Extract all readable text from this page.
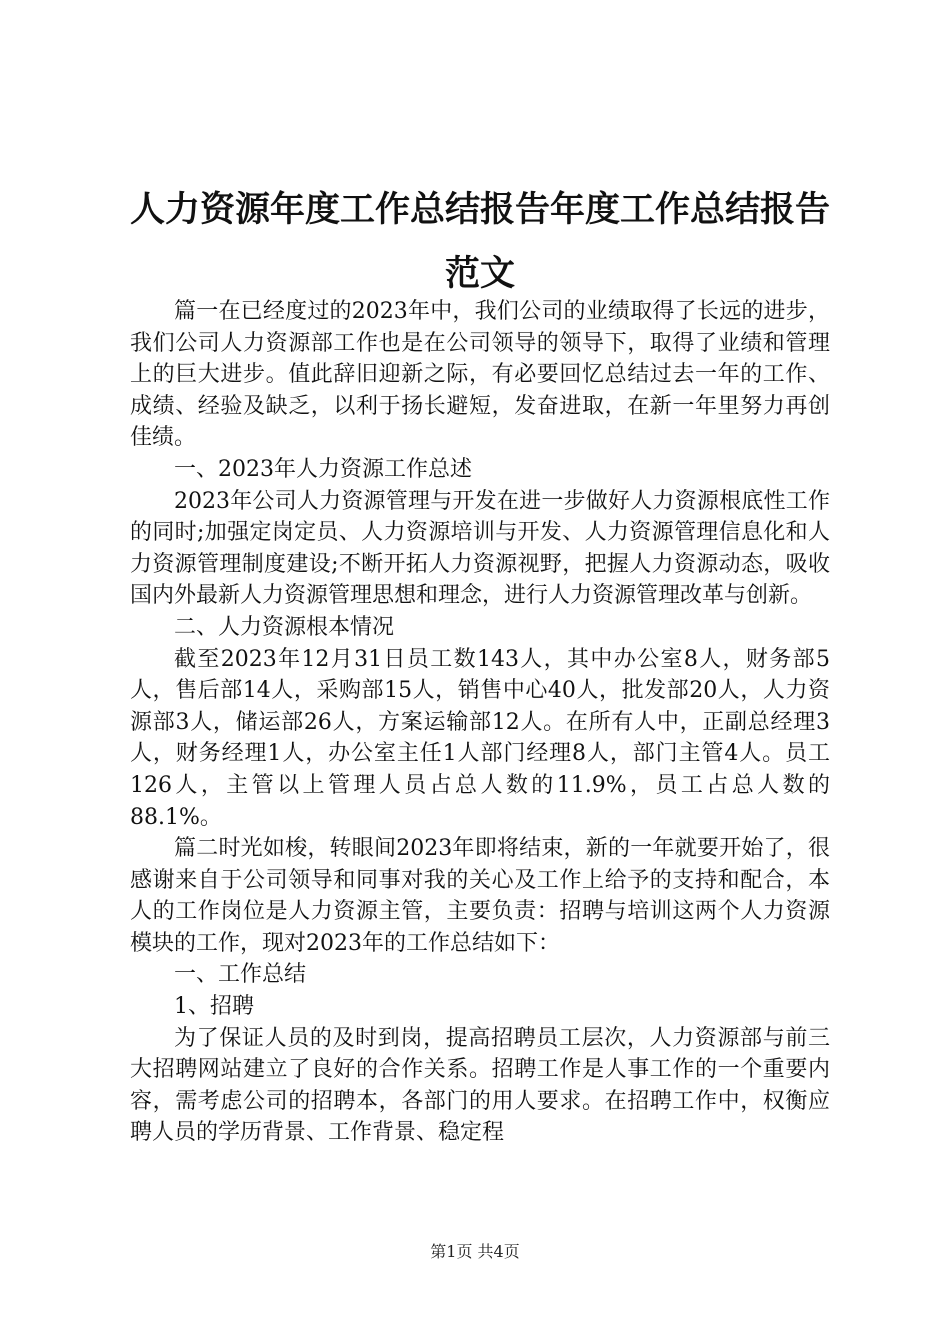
人力资源年度工作总结报告年度工作总结报告
范文

篇一在已经度过的2023年中，我们公司的业绩取得了长远的进步，我们公司人力资源部工作也是在公司领导的领导下，取得了业绩和管理上的巨大进步。值此辞旧迎新之际，有必要回忆总结过去一年的工作、成绩、经验及缺乏，以利于扬长避短，发奋进取，在新一年里努力再创佳绩。

一、2023年人力资源工作总述

2023年公司人力资源管理与开发在进一步做好人力资源根底性工作的同时;加强定岗定员、人力资源培训与开发、人力资源管理信息化和人力资源管理制度建设;不断开拓人力资源视野，把握人力资源动态，吸收国内外最新人力资源管理思想和理念，进行人力资源管理改革与创新。

二、人力资源根本情况

截至2023年12月31日员工数143人，其中办公室8人，财务部5人，售后部14人，采购部15人，销售中心40人，批发部20人，人力资源部3人，储运部26人，方案运输部12人。在所有人中，正副总经理3人，财务经理1人，办公室主任1人部门经理8人，部门主管4人。员工126人，主管以上管理人员占总人数的11.9%，员工占总人数的88.1%。

篇二时光如梭，转眼间2023年即将结束，新的一年就要开始了，很感谢来自于公司领导和同事对我的关心及工作上给予的支持和配合，本人的工作岗位是人力资源主管，主要负责：招聘与培训这两个人力资源模块的工作，现对2023年的工作总结如下：

一、工作总结

1、招聘

为了保证人员的及时到岗，提高招聘员工层次，人力资源部与前三大招聘网站建立了良好的合作关系。招聘工作是人事工作的一个重要内容，需考虑公司的招聘本，各部门的用人要求。在招聘工作中，权衡应聘人员的学历背景、工作背景、稳定程

第1页 共4页
